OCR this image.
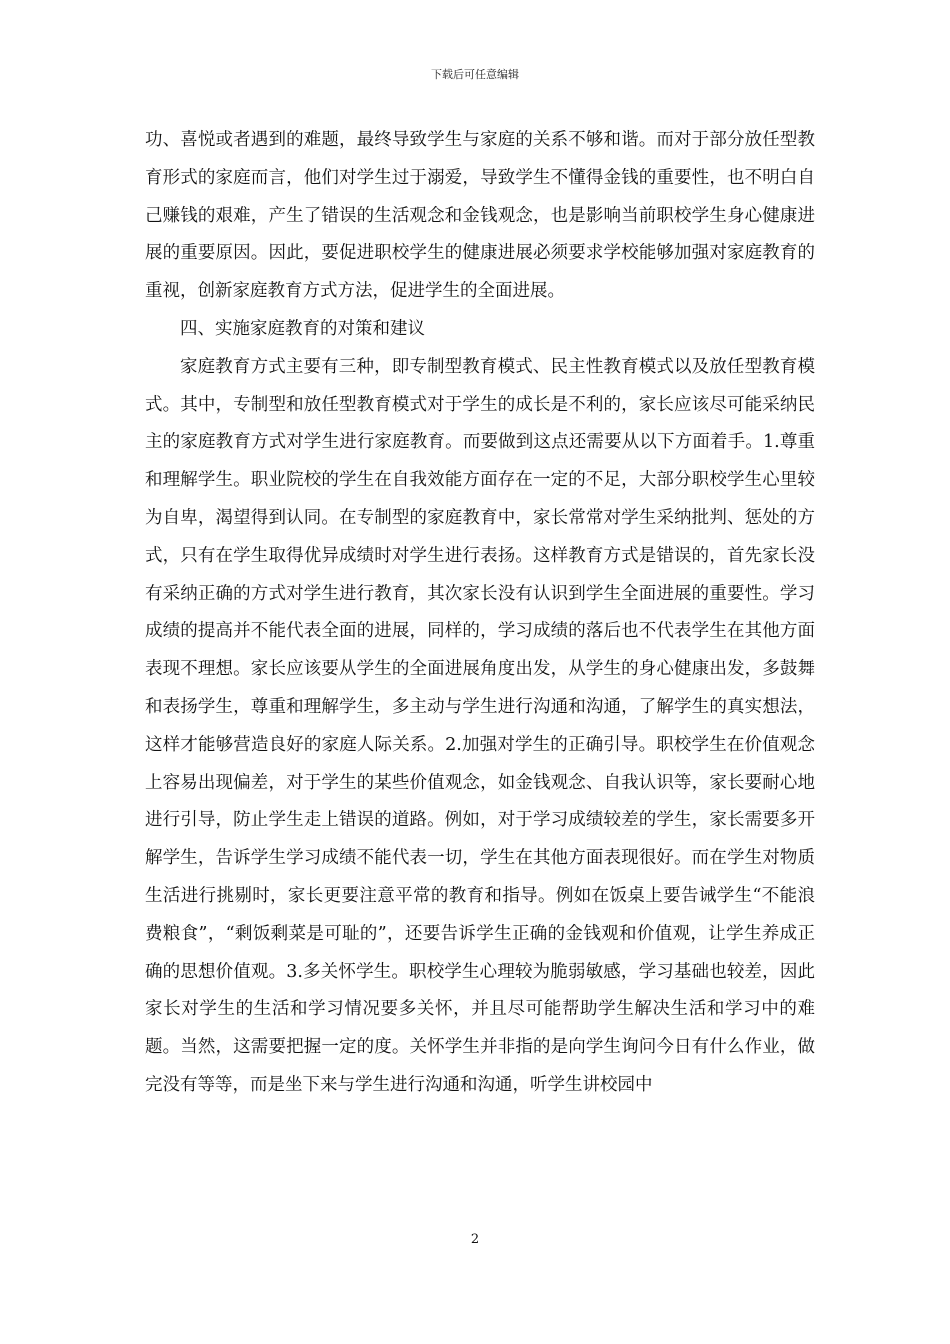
下载后可任意编辑

功、喜悦或者遇到的难题，最终导致学生与家庭的关系不够和谐。而对于部分放任型教育形式的家庭而言，他们对学生过于溺爱，导致学生不懂得金钱的重要性，也不明白自己赚钱的艰难，产生了错误的生活观念和金钱观念，也是影响当前职校学生身心健康进展的重要原因。因此，要促进职校学生的健康进展必须要求学校能够加强对家庭教育的重视，创新家庭教育方式方法，促进学生的全面进展。

四、实施家庭教育的对策和建议

家庭教育方式主要有三种，即专制型教育模式、民主性教育模式以及放任型教育模式。其中，专制型和放任型教育模式对于学生的成长是不利的，家长应该尽可能采纳民主的家庭教育方式对学生进行家庭教育。而要做到这点还需要从以下方面着手。1.尊重和理解学生。职业院校的学生在自我效能方面存在一定的不足，大部分职校学生心里较为自卑，渴望得到认同。在专制型的家庭教育中，家长常常对学生采纳批判、惩处的方式，只有在学生取得优异成绩时对学生进行表扬。这样教育方式是错误的，首先家长没有采纳正确的方式对学生进行教育，其次家长没有认识到学生全面进展的重要性。学习成绩的提高并不能代表全面的进展，同样的，学习成绩的落后也不代表学生在其他方面表现不理想。家长应该要从学生的全面进展角度出发，从学生的身心健康出发，多鼓舞和表扬学生，尊重和理解学生，多主动与学生进行沟通和沟通，了解学生的真实想法，这样才能够营造良好的家庭人际关系。2.加强对学生的正确引导。职校学生在价值观念上容易出现偏差，对于学生的某些价值观念，如金钱观念、自我认识等，家长要耐心地进行引导，防止学生走上错误的道路。例如，对于学习成绩较差的学生，家长需要多开解学生，告诉学生学习成绩不能代表一切，学生在其他方面表现很好。而在学生对物质生活进行挑剔时，家长更要注意平常的教育和指导。例如在饭桌上要告诫学生“不能浪费粮食”，“剩饭剩菜是可耻的”，还要告诉学生正确的金钱观和价值观，让学生养成正确的思想价值观。3.多关怀学生。职校学生心理较为脆弱敏感，学习基础也较差，因此家长对学生的生活和学习情况要多关怀，并且尽可能帮助学生解决生活和学习中的难题。当然，这需要把握一定的度。关怀学生并非指的是向学生询问今日有什么作业，做完没有等等，而是坐下来与学生进行沟通和沟通，听学生讲校园中

2
